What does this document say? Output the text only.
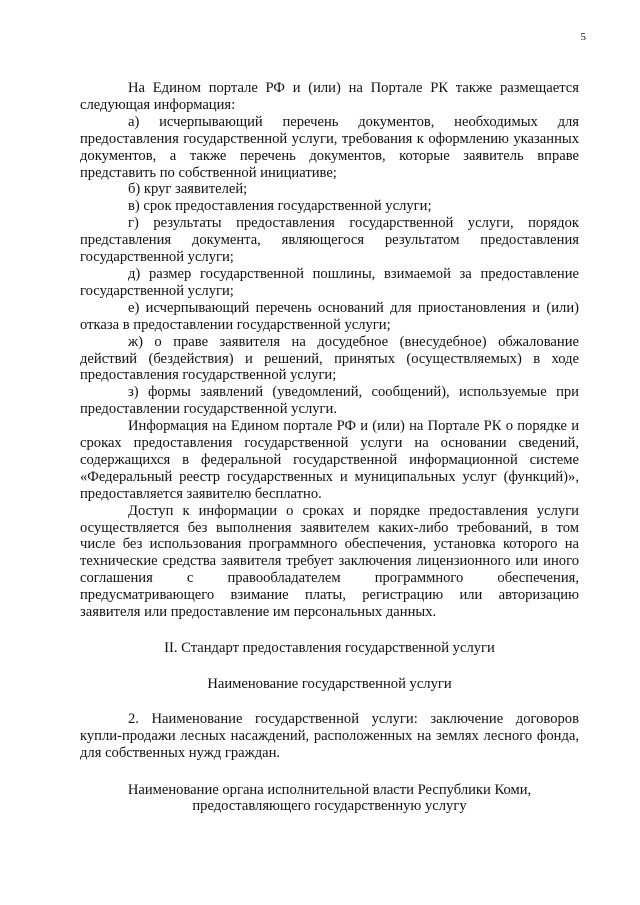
5

На Едином портале РФ и (или) на Портале РК также размещается следующая информация:

а) исчерпывающий перечень документов, необходимых для предоставления государственной услуги, требования к оформлению указанных документов, а также перечень документов, которые заявитель вправе представить по собственной инициативе;

б) круг заявителей;

в) срок предоставления государственной услуги;

г) результаты предоставления государственной услуги, порядок представления документа, являющегося результатом предоставления государственной услуги;

д) размер государственной пошлины, взимаемой за предоставление государственной услуги;

е) исчерпывающий перечень оснований для приостановления и (или) отказа в предоставлении государственной услуги;

ж) о праве заявителя на досудебное (внесудебное) обжалование действий (бездействия) и решений, принятых (осуществляемых) в ходе предоставления государственной услуги;

з) формы заявлений (уведомлений, сообщений), используемые при предоставлении государственной услуги.

Информация на Едином портале РФ и (или) на Портале РК о порядке и сроках предоставления государственной услуги на основании сведений, содержащихся в федеральной государственной информационной системе «Федеральный реестр государственных и муниципальных услуг (функций)», предоставляется заявителю бесплатно.

Доступ к информации о сроках и порядке предоставления услуги осуществляется без выполнения заявителем каких-либо требований, в том числе без использования программного обеспечения, установка которого на технические средства заявителя требует заключения лицензионного или иного соглашения с правообладателем программного обеспечения, предусматривающего взимание платы, регистрацию или авторизацию заявителя или предоставление им персональных данных.

II. Стандарт предоставления государственной услуги

Наименование государственной услуги

2. Наименование государственной услуги: заключение договоров купли-продажи лесных насаждений, расположенных на землях лесного фонда, для собственных нужд граждан.

Наименование органа исполнительной власти Республики Коми,

предоставляющего государственную услугу
